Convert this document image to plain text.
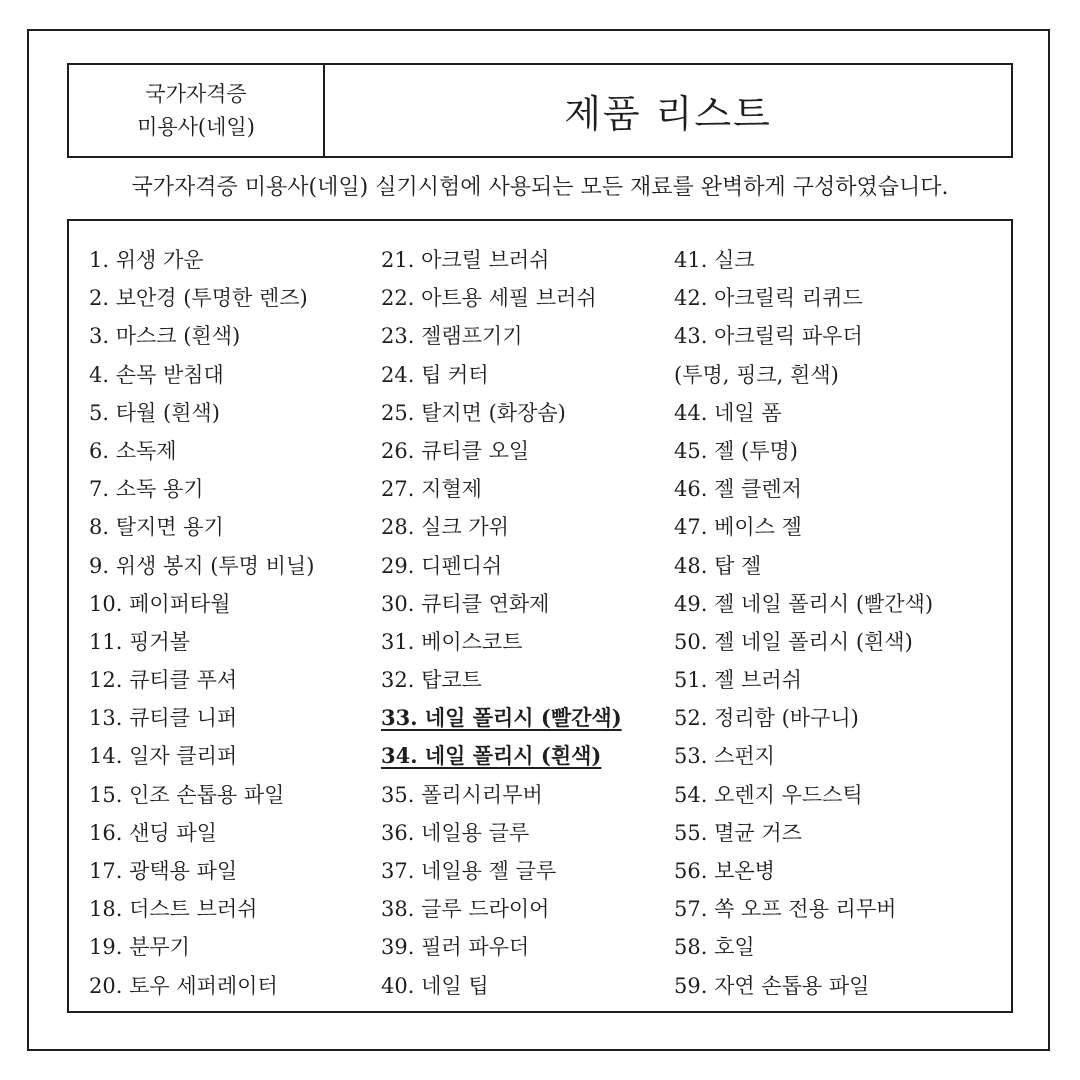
국가자격증
미용사(네일)	제품 리스트
국가자격증 미용사(네일) 실기시험에 사용되는 모든 재료를 완벽하게 구성하였습니다.
1. 위생 가운
2. 보안경 (투명한 렌즈)
3. 마스크 (흰색)
4. 손목 받침대
5. 타월 (흰색)
6. 소독제
7. 소독 용기
8. 탈지면 용기
9. 위생 봉지 (투명 비닐)
10. 페이퍼타월
11. 핑거볼
12. 큐티클 푸셔
13. 큐티클 니퍼
14. 일자 클리퍼
15. 인조 손톱용 파일
16. 샌딩 파일
17. 광택용 파일
18. 더스트 브러쉬
19. 분무기
20. 토우 세퍼레이터
21. 아크릴 브러쉬
22. 아트용 세필 브러쉬
23. 젤램프기기
24. 팁 커터
25. 탈지면 (화장솜)
26. 큐티클 오일
27. 지혈제
28. 실크 가위
29. 디펜디쉬
30. 큐티클 연화제
31. 베이스코트
32. 탑코트
33. 네일 폴리시 (빨간색)
34. 네일 폴리시 (흰색)
35. 폴리시리무버
36. 네일용 글루
37. 네일용 젤 글루
38. 글루 드라이어
39. 필러 파우더
40. 네일 팁
41. 실크
42. 아크릴릭 리퀴드
43. 아크릴릭 파우더
(투명, 핑크, 흰색)
44. 네일 폼
45. 젤 (투명)
46. 젤 클렌저
47. 베이스 젤
48. 탑 젤
49. 젤 네일 폴리시 (빨간색)
50. 젤 네일 폴리시 (흰색)
51. 젤 브러쉬
52. 정리함 (바구니)
53. 스펀지
54. 오렌지 우드스틱
55. 멸균 거즈
56. 보온병
57. 쏙 오프 전용 리무버
58. 호일
59. 자연 손톱용 파일
